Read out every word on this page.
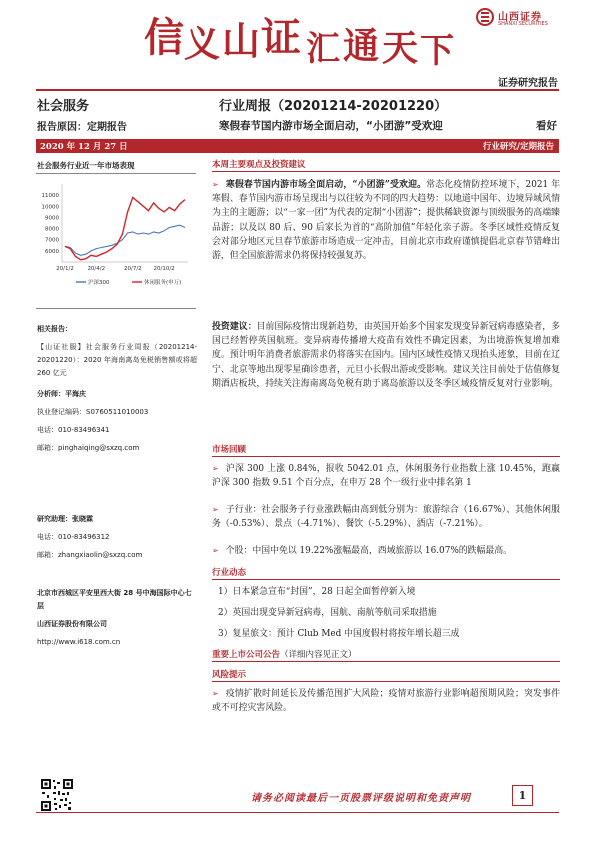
信 义 山 证 汇 通 天 下
山西证券
SHANXI SECURITIES
证券研究报告
社会服务
报告原因：定期报告
行业周报（20201214-20201220）
寒假春节国内游市场全面启动，“小团游”受欢迎	看好
2020 年 12 月 27 日	行业研究/定期报告
社会服务行业近一年市场表现
6000
7000
8000
9000
10000
11000
20/1/2 20/4/2	20/7/2 20/10/2
沪深300	休闲服务(申万)
相关报告：
【山证社服】社会服务行业周报（20201214-20201220）：2020 年海南离岛免税销售额或将超 260 亿元
分析师：平海庆
执业登记编码：S0760511010003
电话：010-83496341
邮箱：pinghaiqing@sxzq.com
研究助理：张晓霖
电话：010-83496312
邮箱：zhangxiaolin@sxzq.com
北京市西城区平安里西大街 28 号中海国际中心七层
山西证券股份有限公司
http://www.i618.com.cn
本周主要观点及投资建议

➢ 寒假春节国内游市场全面启动，“小团游”受欢迎。常态化疫情防控环境下，2021 年寒假、春节国内游市场呈现出与以往较为不同的四大趋势：以地道中国年、边境异域风情为主的主题游；以“一家一团”为代表的定制“小团游”；提供稀缺资源与顶级服务的高端臻品游；以及以 80 后、90 后家长为首的“高阶加值”年轻化亲子游。冬季区域性疫情反复会对部分地区元旦春节旅游市场造成一定冲击，目前北京市政府谨慎提倡北京春节错峰出游，但全国旅游需求仍将保持较强复苏。

投资建议：目前国际疫情出现新趋势，由英国开始多个国家发现变异新冠病毒感染者，多国已经暂停英国航班。变异病毒传播增大疫苗有效性不确定因素，为出境游恢复增加难度。预计明年消费者旅游需求仍将落实在国内。国内区域性疫情又现抬头迹象，目前在辽宁、北京等地出现零星确诊患者，元旦小长假出游或受影响。建议关注目前处于估值修复期酒店板块，持续关注海南离岛免税有助于离岛旅游以及冬季区域疫情反复对行业影响。

市场回顾

➢ 沪深 300 上涨 0.84%，报收 5042.01 点，休闲服务行业指数上涨 10.45%，跑赢沪深 300 指数 9.51 个百分点，在申万 28 个一级行业中排名第 1

➢ 子行业：社会服务子行业涨跌幅由高到低分别为：旅游综合（16.67%）、其他休闲服务（-0.53%）、景点（-4.71%）、餐饮（-5.29%）、酒店（-7.21%）。

➢ 个股：中国中免以 19.22%涨幅最高，西域旅游以 16.07%的跌幅最高。

行业动态
1）日本紧急宣布“封国”，28 日起全面暂停新入境
2）英国出现变异新冠病毒，国航、南航等航司采取措施
3）复星旅文：预计 Club Med 中国度假村将按年增长超三成
重要上市公司公告（详细内容见正文）
风险提示

➢ 疫情扩散时间延长及传播范围扩大风险；疫情对旅游行业影响超预期风险；突发事件或不可控灾害风险。

请务必阅读最后一页股票评级说明和免责声明	1
